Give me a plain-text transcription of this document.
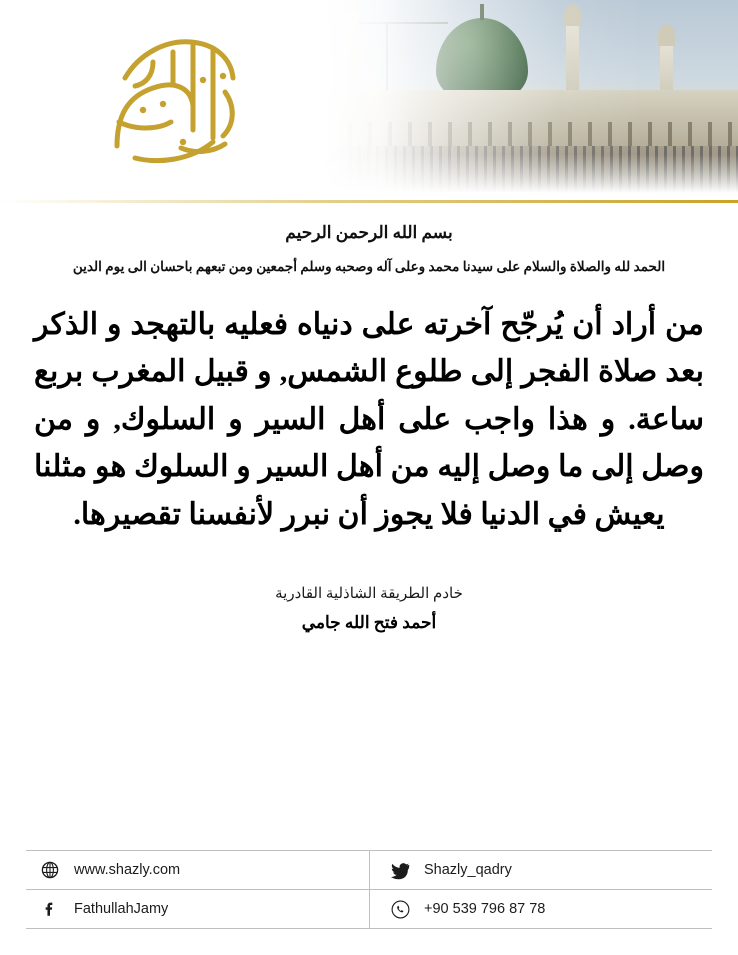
بسم الله الرحمن الرحيم
الحمد لله والصلاة والسلام على سيدنا محمد وعلى آله وصحبه وسلم أجمعين ومن تبعهم باحسان الى يوم الدين
من أراد أن يُرجّح آخرته على دنياه فعليه بالتهجد و الذكر بعد صلاة الفجر إلى طلوع الشمس, و قبيل المغرب بربع ساعة. و هذا واجب على أهل السير و السلوك, و من وصل إلى ما وصل إليه من أهل السير و السلوك هو مثلنا يعيش في الدنيا فلا يجوز أن نبرر لأنفسنا تقصيرها.
خادم الطريقة الشاذلية القادرية
أحمد فتح الله جامي
www.shazly.com	Shazly_qadry
FathullahJamy	+90 539 796 87 78
